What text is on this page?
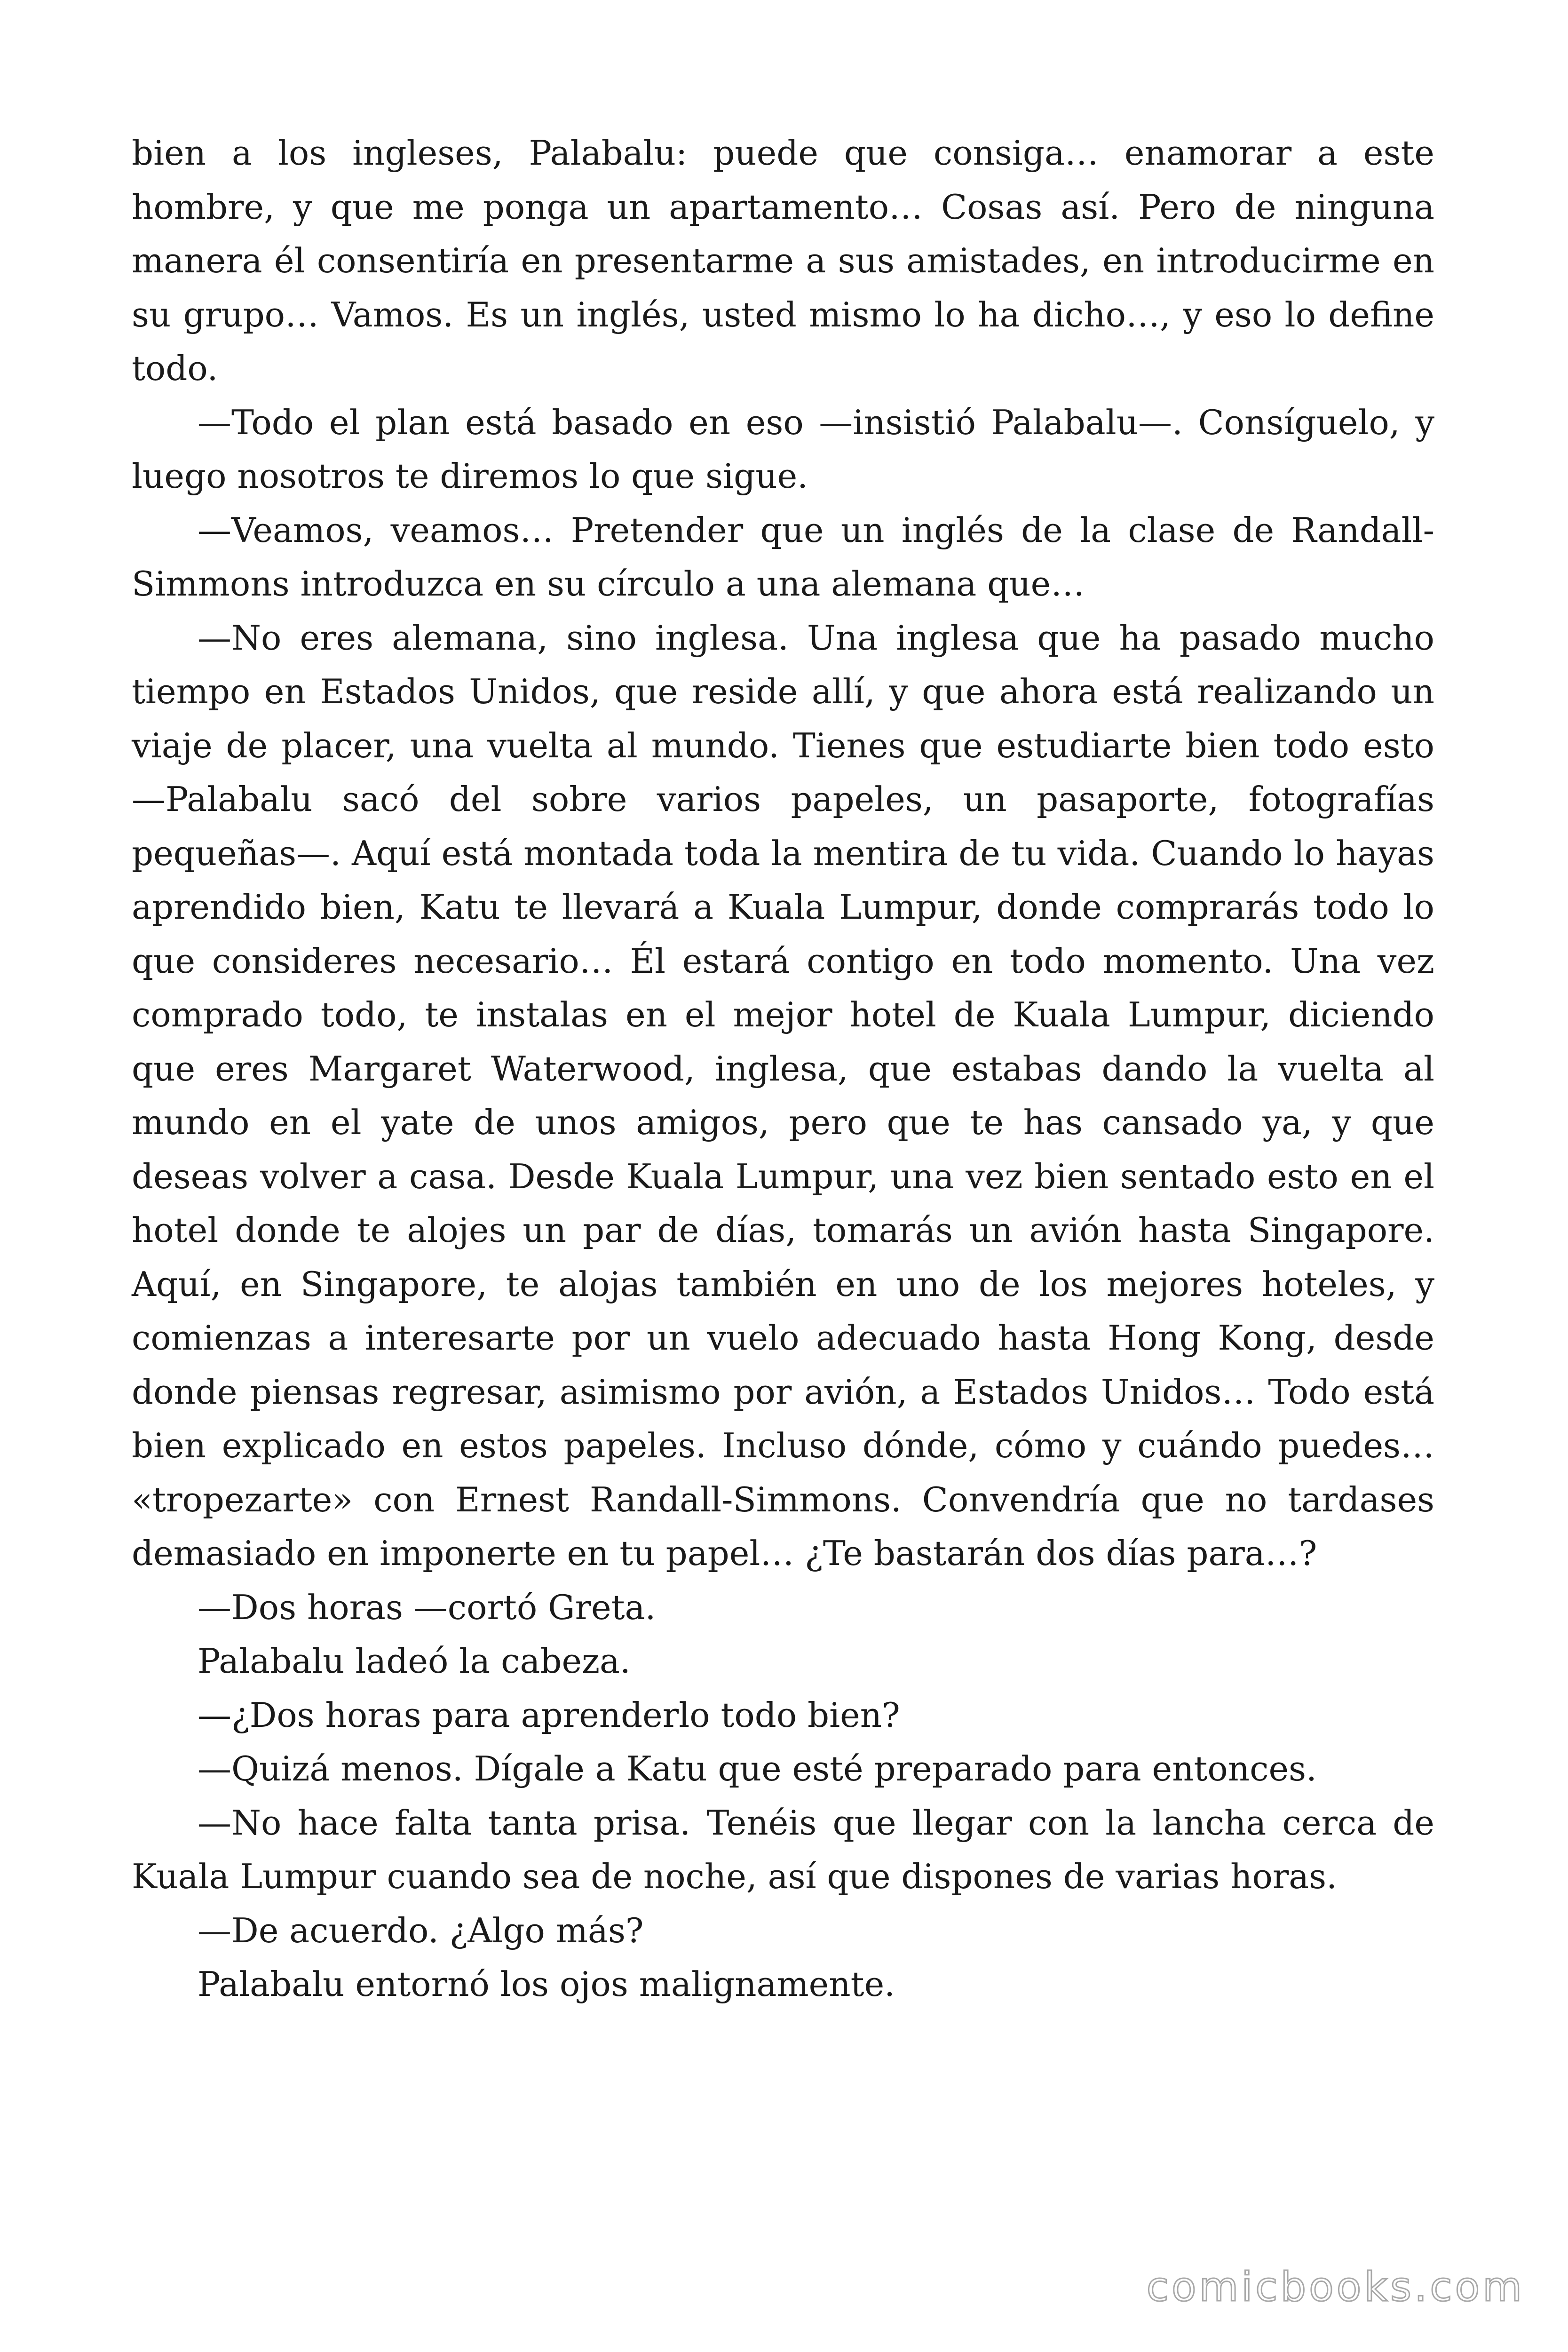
bien a los ingleses, Palabalu: puede que consiga… enamorar a este hombre, y que me ponga un apartamento… Cosas así. Pero de ninguna manera él consentiría en presentarme a sus amistades, en introducirme en su grupo… Vamos. Es un inglés, usted mismo lo ha dicho…, y eso lo define todo.

—Todo el plan está basado en eso —insistió Palabalu—. Consíguelo, y luego nosotros te diremos lo que sigue.

—Veamos, veamos… Pretender que un inglés de la clase de Randall-Simmons introduzca en su círculo a una alemana que…

—No eres alemana, sino inglesa. Una inglesa que ha pasado mucho tiempo en Estados Unidos, que reside allí, y que ahora está realizando un viaje de placer, una vuelta al mundo. Tienes que estudiarte bien todo esto —Palabalu sacó del sobre varios papeles, un pasaporte, fotografías pequeñas—. Aquí está montada toda la mentira de tu vida. Cuando lo hayas aprendido bien, Katu te llevará a Kuala Lumpur, donde comprarás todo lo que consideres necesario… Él estará contigo en todo momento. Una vez comprado todo, te instalas en el mejor hotel de Kuala Lumpur, diciendo que eres Margaret Waterwood, inglesa, que estabas dando la vuelta al mundo en el yate de unos amigos, pero que te has cansado ya, y que deseas volver a casa. Desde Kuala Lumpur, una vez bien sentado esto en el hotel donde te alojes un par de días, tomarás un avión hasta Singapore. Aquí, en Singapore, te alojas también en uno de los mejores hoteles, y comienzas a interesarte por un vuelo adecuado hasta Hong Kong, desde donde piensas regresar, asimismo por avión, a Estados Unidos… Todo está bien explicado en estos papeles. Incluso dónde, cómo y cuándo puedes… «tropezarte» con Ernest Randall-Simmons. Convendría que no tardases demasiado en imponerte en tu papel… ¿Te bastarán dos días para…?

—Dos horas —cortó Greta.

Palabalu ladeó la cabeza.

—¿Dos horas para aprenderlo todo bien?

—Quizá menos. Dígale a Katu que esté preparado para entonces.

—No hace falta tanta prisa. Tenéis que llegar con la lancha cerca de Kuala Lumpur cuando sea de noche, así que dispones de varias horas.

—De acuerdo. ¿Algo más?

Palabalu entornó los ojos malignamente.

comicbooks.com
